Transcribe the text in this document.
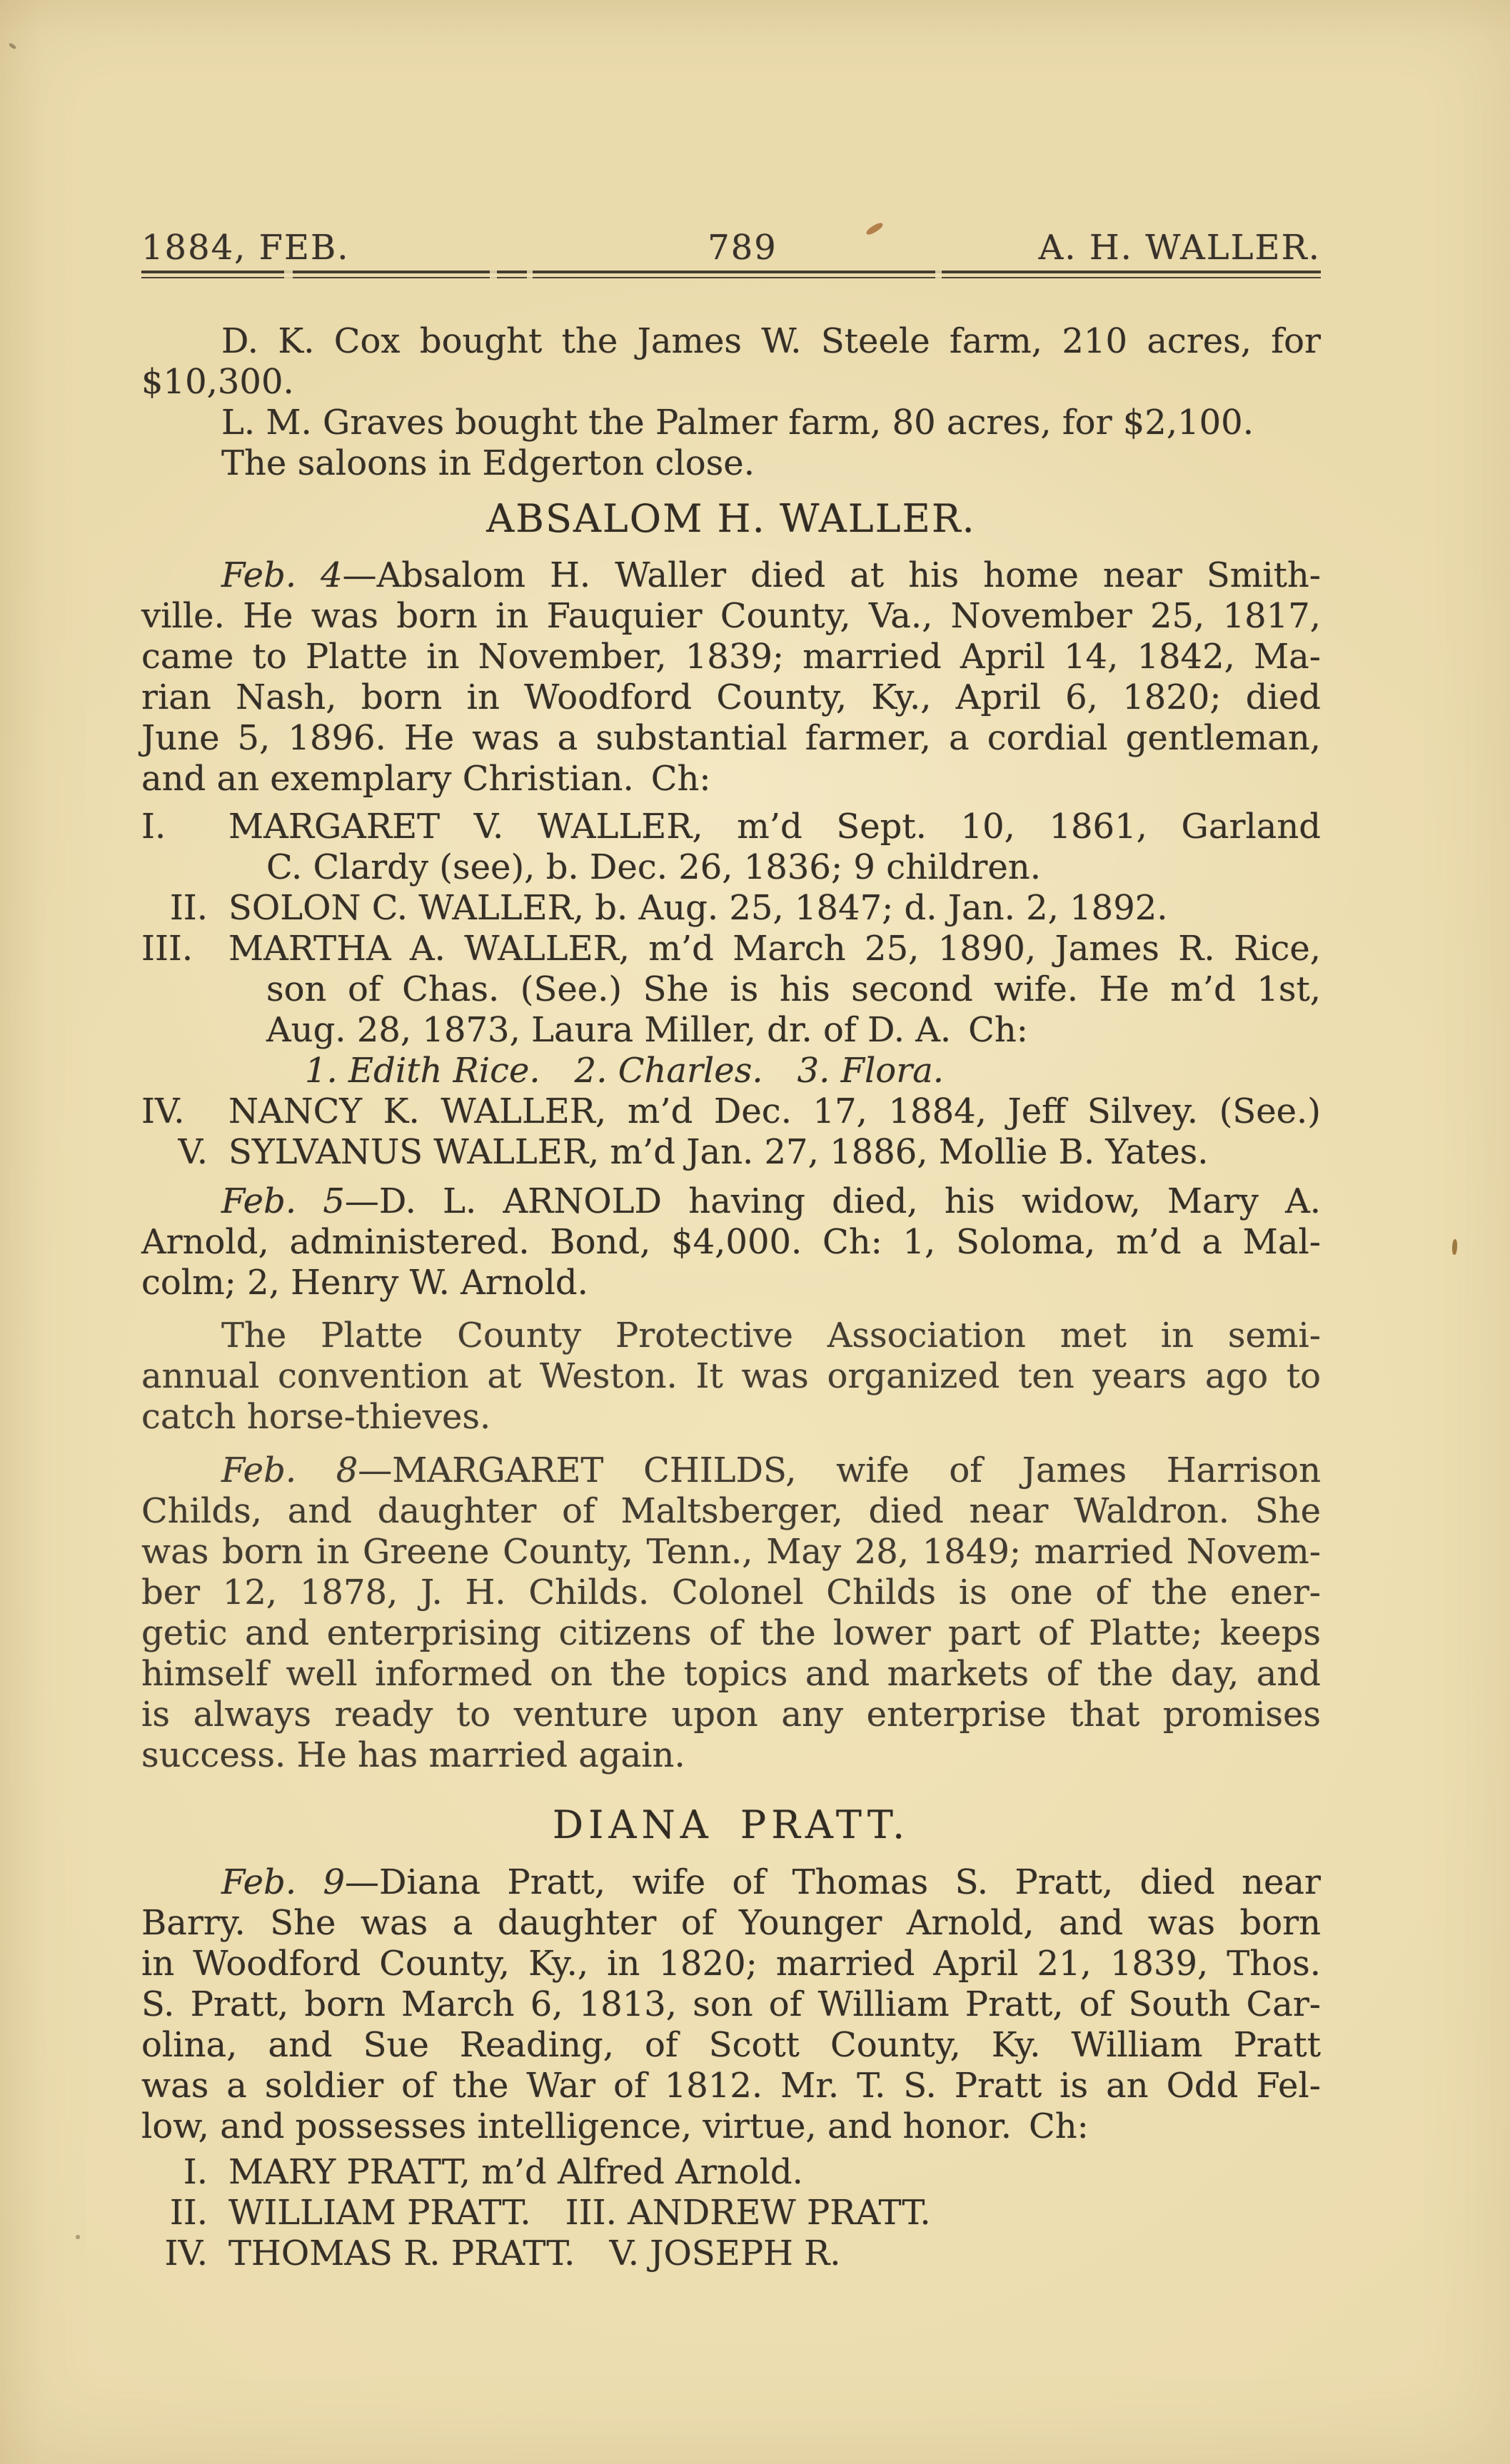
1884, FEB.	789	A. H. WALLER.
D. K. Cox bought the James W. Steele farm, 210 acres, for
$10,300.
L. M. Graves bought the Palmer farm, 80 acres, for $2,100.
The saloons in Edgerton close.
ABSALOM H. WALLER.
Feb. 4—Absalom H. Waller died at his home near Smith-
ville. He was born in Fauquier County, Va., November 25, 1817,
came to Platte in November, 1839; married April 14, 1842, Ma-
rian Nash, born in Woodford County, Ky., April 6, 1820; died
June 5, 1896. He was a substantial farmer, a cordial gentleman,
and an exemplary Christian. Ch:
I. MARGARET V. WALLER, m’d Sept. 10, 1861, Garland
C. Clardy (see), b. Dec. 26, 1836; 9 children.
II. SOLON C. WALLER, b. Aug. 25, 1847; d. Jan. 2, 1892.
III. MARTHA A. WALLER, m’d March 25, 1890, James R. Rice,
son of Chas. (See.) She is his second wife. He m’d 1st,
Aug. 28, 1873, Laura Miller, dr. of D. A. Ch:
1. Edith Rice.  2. Charles.  3. Flora.
IV. NANCY K. WALLER, m’d Dec. 17, 1884, Jeff Silvey. (See.)
V. SYLVANUS WALLER, m’d Jan. 27, 1886, Mollie B. Yates.
Feb. 5—D. L. ARNOLD having died, his widow, Mary A.
Arnold, administered. Bond, $4,000. Ch: 1, Soloma, m’d a Mal-
colm; 2, Henry W. Arnold.
The Platte County Protective Association met in semi-
annual convention at Weston. It was organized ten years ago to
catch horse-thieves.
Feb. 8—MARGARET CHILDS, wife of James Harrison
Childs, and daughter of Maltsberger, died near Waldron. She
was born in Greene County, Tenn., May 28, 1849; married Novem-
ber 12, 1878, J. H. Childs. Colonel Childs is one of the ener-
getic and enterprising citizens of the lower part of Platte; keeps
himself well informed on the topics and markets of the day, and
is always ready to venture upon any enterprise that promises
success. He has married again.
DIANA PRATT.
Feb. 9—Diana Pratt, wife of Thomas S. Pratt, died near
Barry. She was a daughter of Younger Arnold, and was born
in Woodford County, Ky., in 1820; married April 21, 1839, Thos.
S. Pratt, born March 6, 1813, son of William Pratt, of South Car-
olina, and Sue Reading, of Scott County, Ky. William Pratt
was a soldier of the War of 1812. Mr. T. S. Pratt is an Odd Fel-
low, and possesses intelligence, virtue, and honor. Ch:
I. MARY PRATT, m’d Alfred Arnold.
II. WILLIAM PRATT.  III. ANDREW PRATT.
IV. THOMAS R. PRATT.  V. JOSEPH R.
